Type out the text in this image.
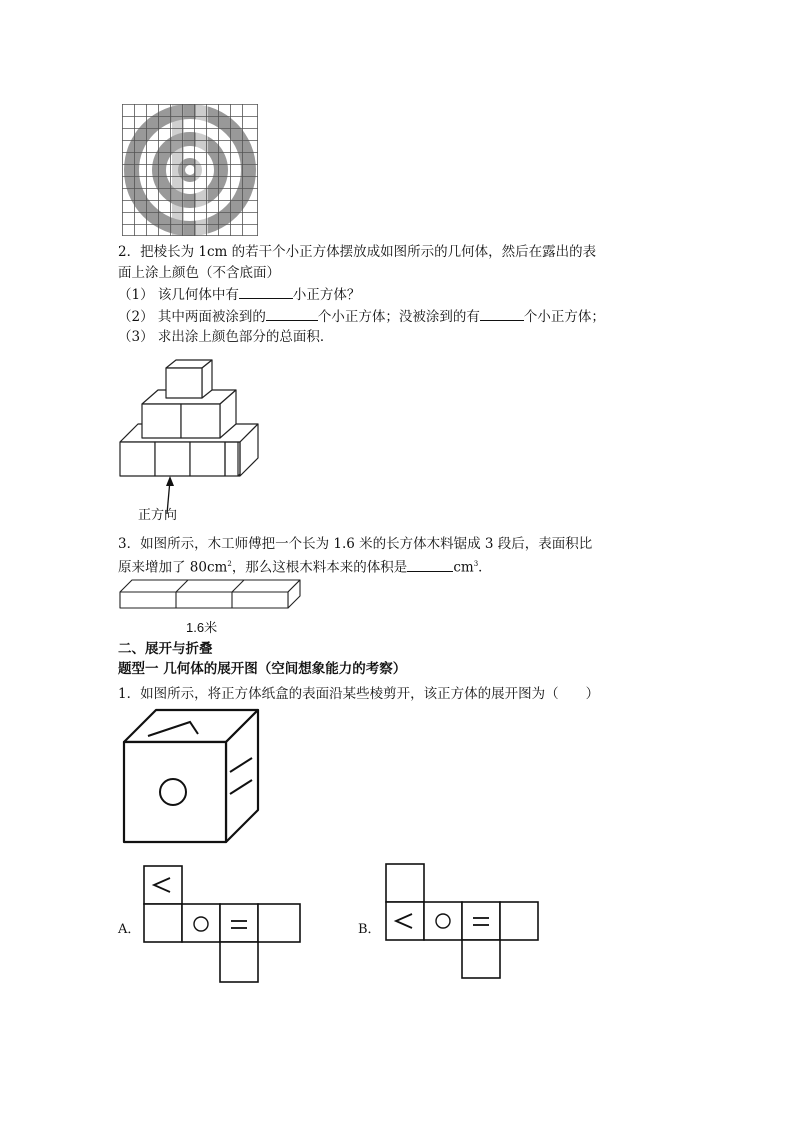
2．把棱长为 1cm 的若干个小正方体摆放成如图所示的几何体，然后在露出的表
面上涂上颜色（不含底面）
（1） 该几何体中有	小正方体？
（2） 其中两面被涂到的	个小正方体；没被涂到的有	个小正方体；
（3） 求出涂上颜色部分的总面积．
正方向
3．如图所示，木工师傅把一个长为 1.6 米的长方体木料锯成 3 段后，表面积比
原来增加了 $80cm^2$，那么这根木料本来的体积是	$cm^3$．
1.6米
二、展开与折叠
题型一 几何体的展开图（空间想象能力的考察）
1．如图所示，将正方体纸盒的表面沿某些棱剪开，该正方体的展开图为（　　）
A．	B．
